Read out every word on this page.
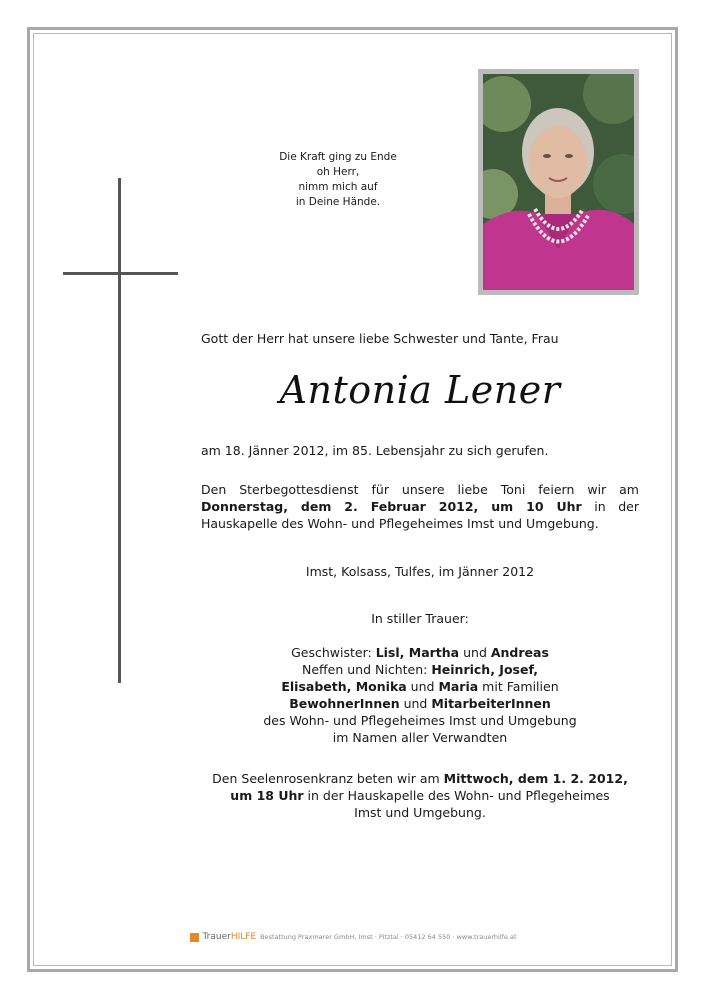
Die Kraft ging zu Ende
oh Herr,
nimm mich auf
in Deine Hände.
Gott der Herr hat unsere liebe Schwester und Tante, Frau
Antonia Lener
am 18. Jänner 2012, im 85. Lebensjahr zu sich gerufen.
Den Sterbegottesdienst für unsere liebe Toni feiern wir am Donnerstag, dem 2. Februar 2012, um 10 Uhr in der Hauskapelle des Wohn- und Pflegeheimes Imst und Umgebung.
Imst, Kolsass, Tulfes, im Jänner 2012
In stiller Trauer:
Geschwister: Lisl, Martha und Andreas
Neffen und Nichten: Heinrich, Josef,
Elisabeth, Monika und Maria mit Familien
BewohnerInnen und MitarbeiterInnen
des Wohn- und Pflegeheimes Imst und Umgebung
im Namen aller Verwandten
Den Seelenrosenkranz beten wir am Mittwoch, dem 1. 2. 2012,
um 18 Uhr in der Hauskapelle des Wohn- und Pflegeheimes
Imst und Umgebung.
TrauerHILFE Bestattung Praxmarer GmbH, Imst · Pitztal · 05412 64 550 · www.trauerhilfe.at
